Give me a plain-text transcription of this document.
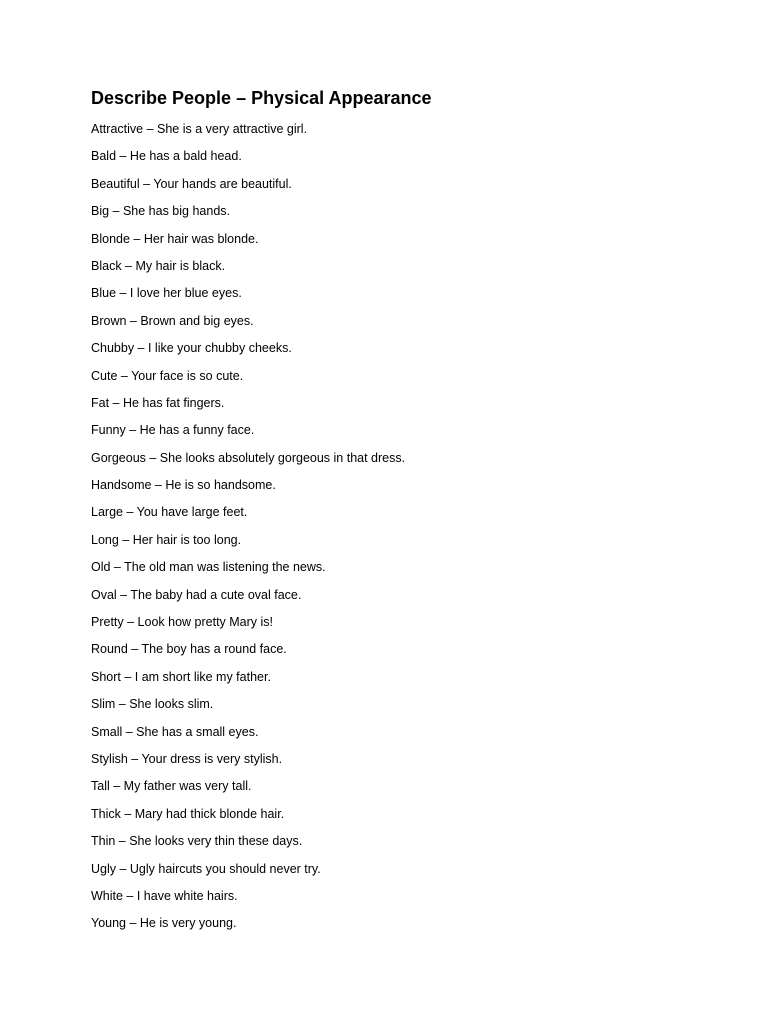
Describe People – Physical Appearance
Attractive – She is a very attractive girl.
Bald – He has a bald head.
Beautiful – Your hands are beautiful.
Big – She has big hands.
Blonde – Her hair was blonde.
Black – My hair is black.
Blue – I love her blue eyes.
Brown – Brown and big eyes.
Chubby – I like your chubby cheeks.
Cute – Your face is so cute.
Fat – He has fat fingers.
Funny – He has a funny face.
Gorgeous – She looks absolutely gorgeous in that dress.
Handsome – He is so handsome.
Large – You have large feet.
Long – Her hair is too long.
Old – The old man was listening the news.
Oval – The baby had a cute oval face.
Pretty – Look how pretty Mary is!
Round – The boy has a round face.
Short – I am short like my father.
Slim – She looks slim.
Small – She has a small eyes.
Stylish – Your dress is very stylish.
Tall – My father was very tall.
Thick – Mary had thick blonde hair.
Thin – She looks very thin these days.
Ugly – Ugly haircuts you should never try.
White – I have white hairs.
Young – He is very young.
